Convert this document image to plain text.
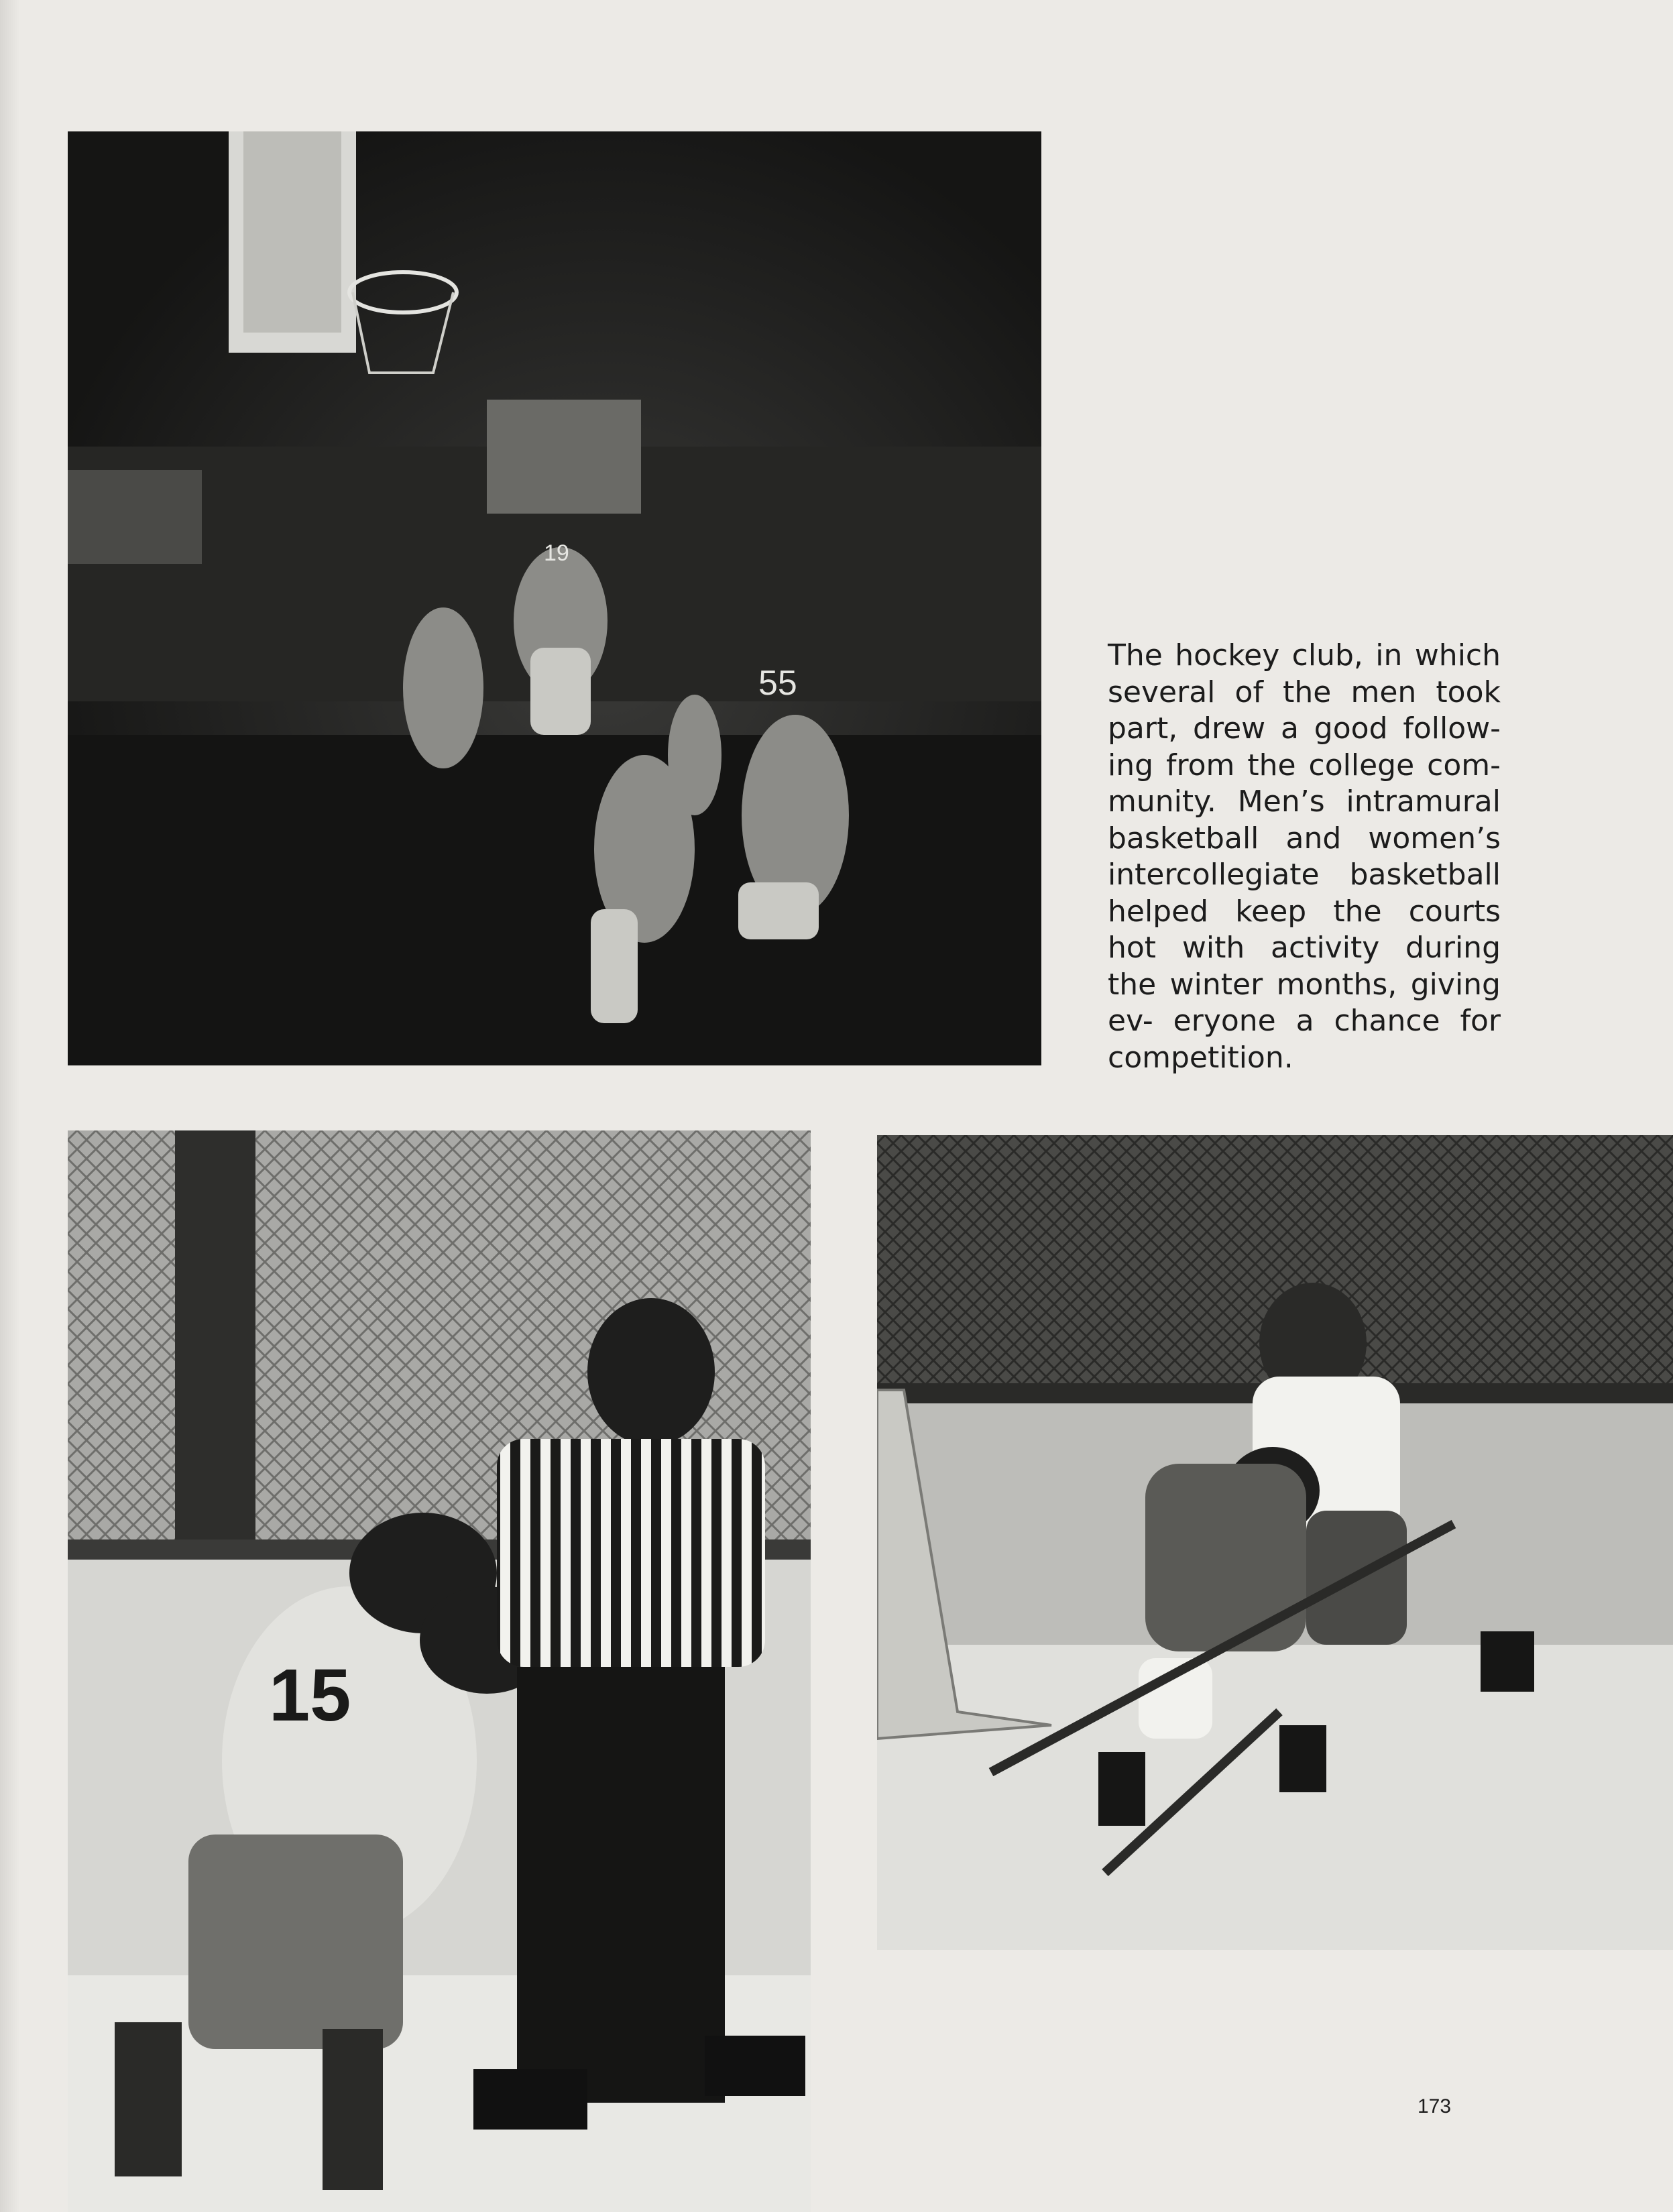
19
55
15
The hockey club, in which several of the men took part, drew a good follow- ing from the college com- munity. Men’s intramural basketball and women’s intercollegiate basketball helped keep the courts hot with activity during the winter months, giving ev- eryone a chance for competition.
173
